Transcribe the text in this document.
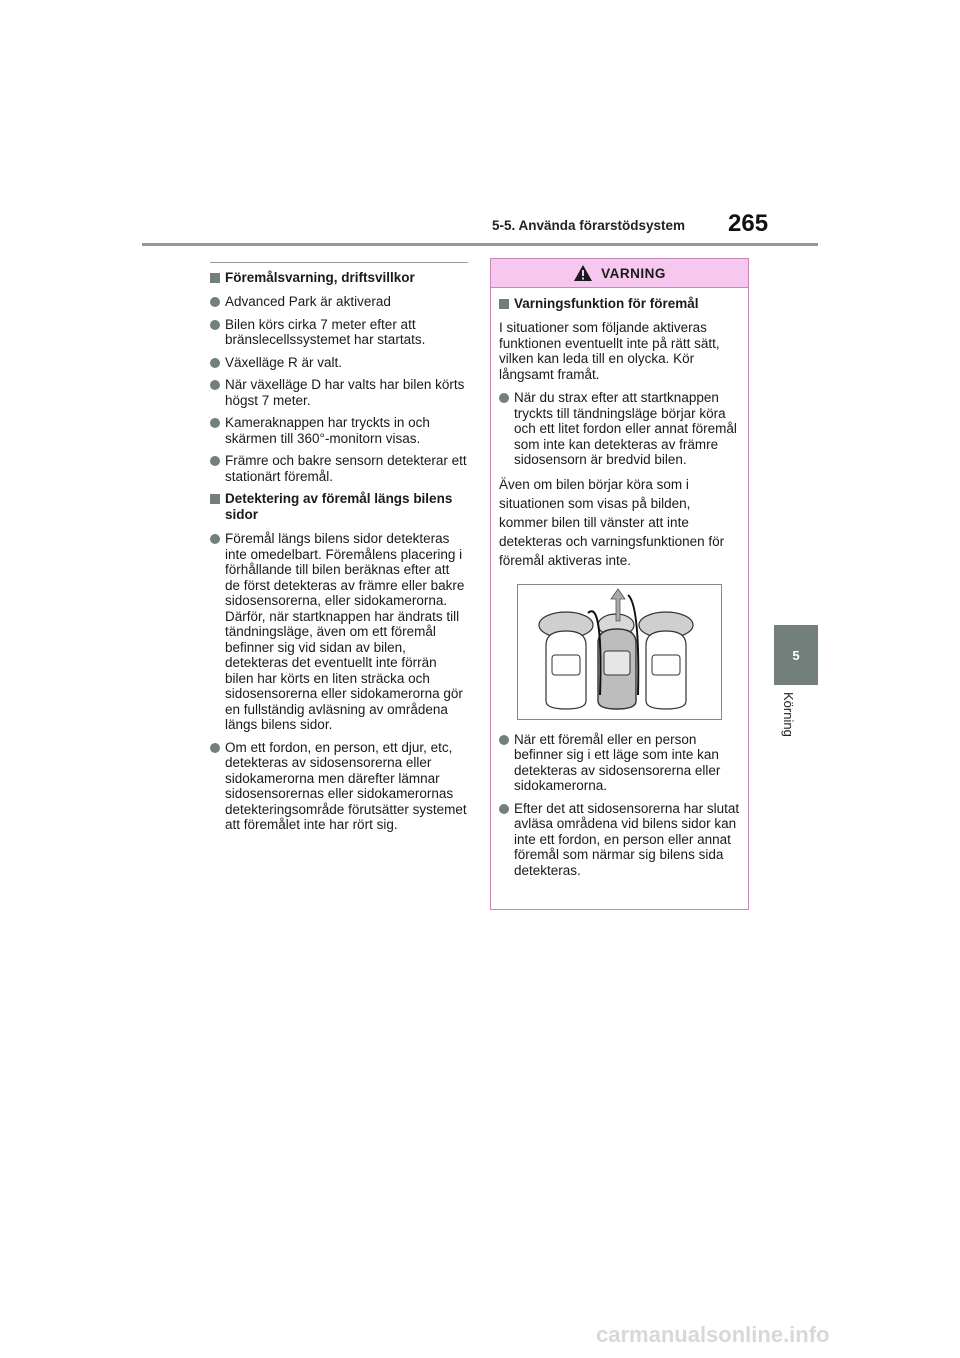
5-5. Använda förarstödsystem	265
5
Körning
Föremålsvarning, driftsvillkor
Advanced Park är aktiverad
Bilen körs cirka 7 meter efter att bränslecellssystemet har startats.
Växelläge R är valt.
När växelläge D har valts har bilen körts högst 7 meter.
Kameraknappen har tryckts in och skärmen till 360°-monitorn visas.
Främre och bakre sensorn detekterar ett stationärt föremål.
Detektering av föremål längs bilens sidor
Föremål längs bilens sidor detekteras inte omedelbart. Föremålens placering i förhållande till bilen beräknas efter att de först detekteras av främre eller bakre sidosensorerna, eller sidokamerorna. Därför, när startknappen har ändrats till tändningsläge, även om ett föremål befinner sig vid sidan av bilen, detekteras det eventuellt inte förrän bilen har körts en liten sträcka och sidosensorerna eller sidokamerorna gör en fullständig avläsning av områdena längs bilens sidor.
Om ett fordon, en person, ett djur, etc, detekteras av sidosensorerna eller sidokamerorna men därefter lämnar sidosensorernas eller sidokamerornas detekteringsområde förutsätter systemet att föremålet inte har rört sig.
VARNING
Varningsfunktion för föremål
I situationer som följande aktiveras funktionen eventuellt inte på rätt sätt, vilken kan leda till en olycka. Kör långsamt framåt.
När du strax efter att startknappen tryckts till tändningsläge börjar köra och ett litet fordon eller annat föremål som inte kan detekteras av främre sidosensorn är bredvid bilen.
Även om bilen börjar köra som i situationen som visas på bilden, kommer bilen till vänster att inte detekteras och varningsfunktionen för föremål aktiveras inte.
När ett föremål eller en person befinner sig i ett läge som inte kan detekteras av sidosensorerna eller sidokamerorna.
Efter det att sidosensorerna har slutat avläsa områdena vid bilens sidor kan inte ett fordon, en person eller annat föremål som närmar sig bilens sida detekteras.
carmanualsonline.info
